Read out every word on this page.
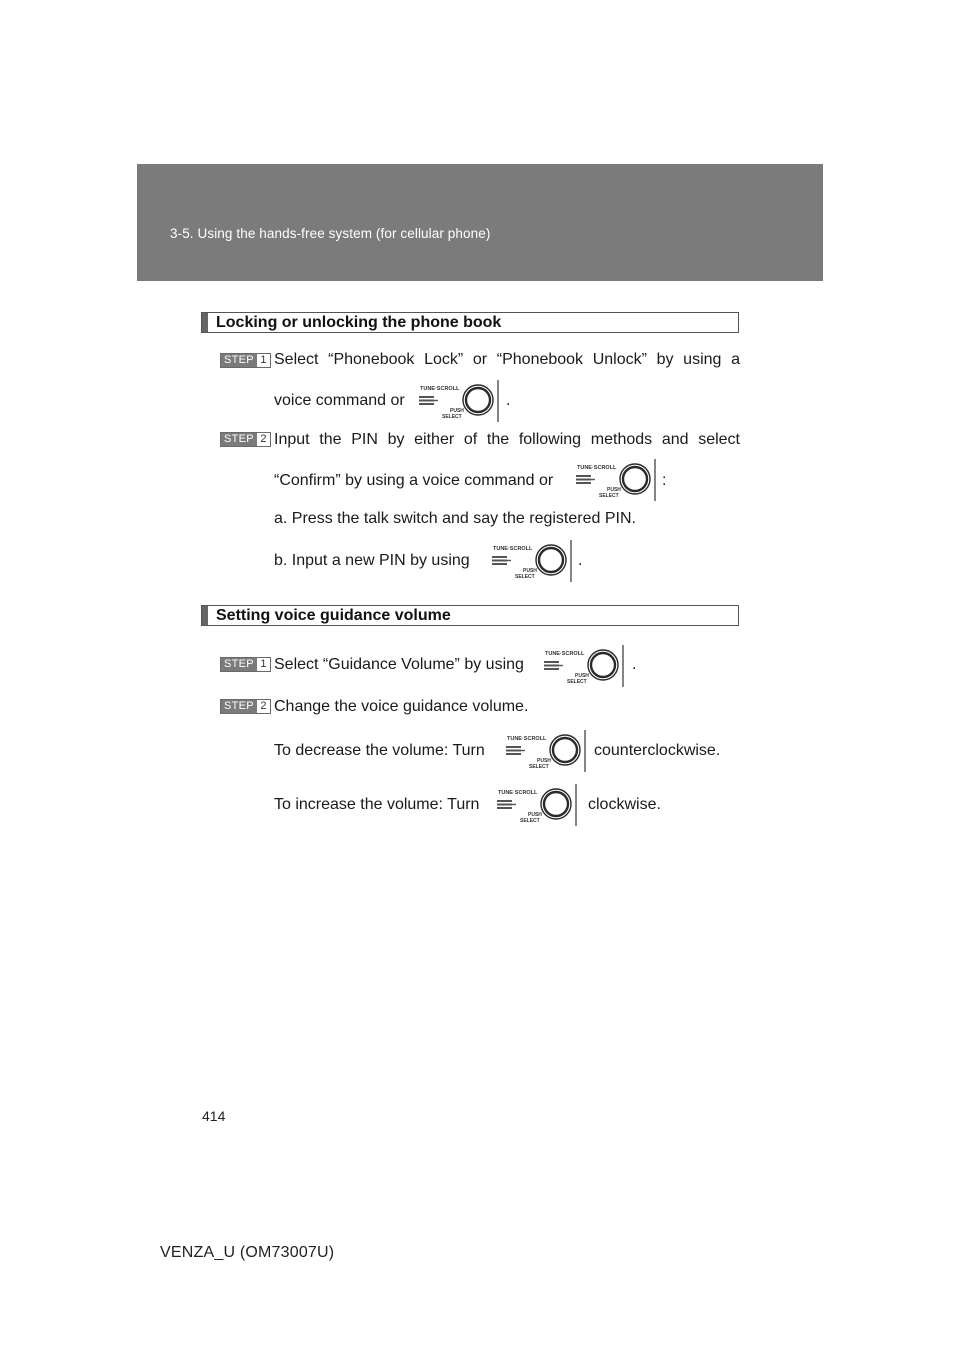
3-5. Using the hands-free system (for cellular phone)
Locking or unlocking the phone book
STEP 1 Select “Phonebook Lock” or “Phonebook Unlock” by using a
voice command or	.
STEP 2 Input the PIN by either of the following methods and select
“Confirm” by using a voice command or	:
a. Press the talk switch and say the registered PIN.
b. Input a new PIN by using	.
Setting voice guidance volume
STEP 1 Select “Guidance Volume” by using	.
STEP 2 Change the voice guidance volume.
To decrease the volume: Turn	counterclockwise.
To increase the volume: Turn	clockwise.
414
VENZA_U (OM73007U)
